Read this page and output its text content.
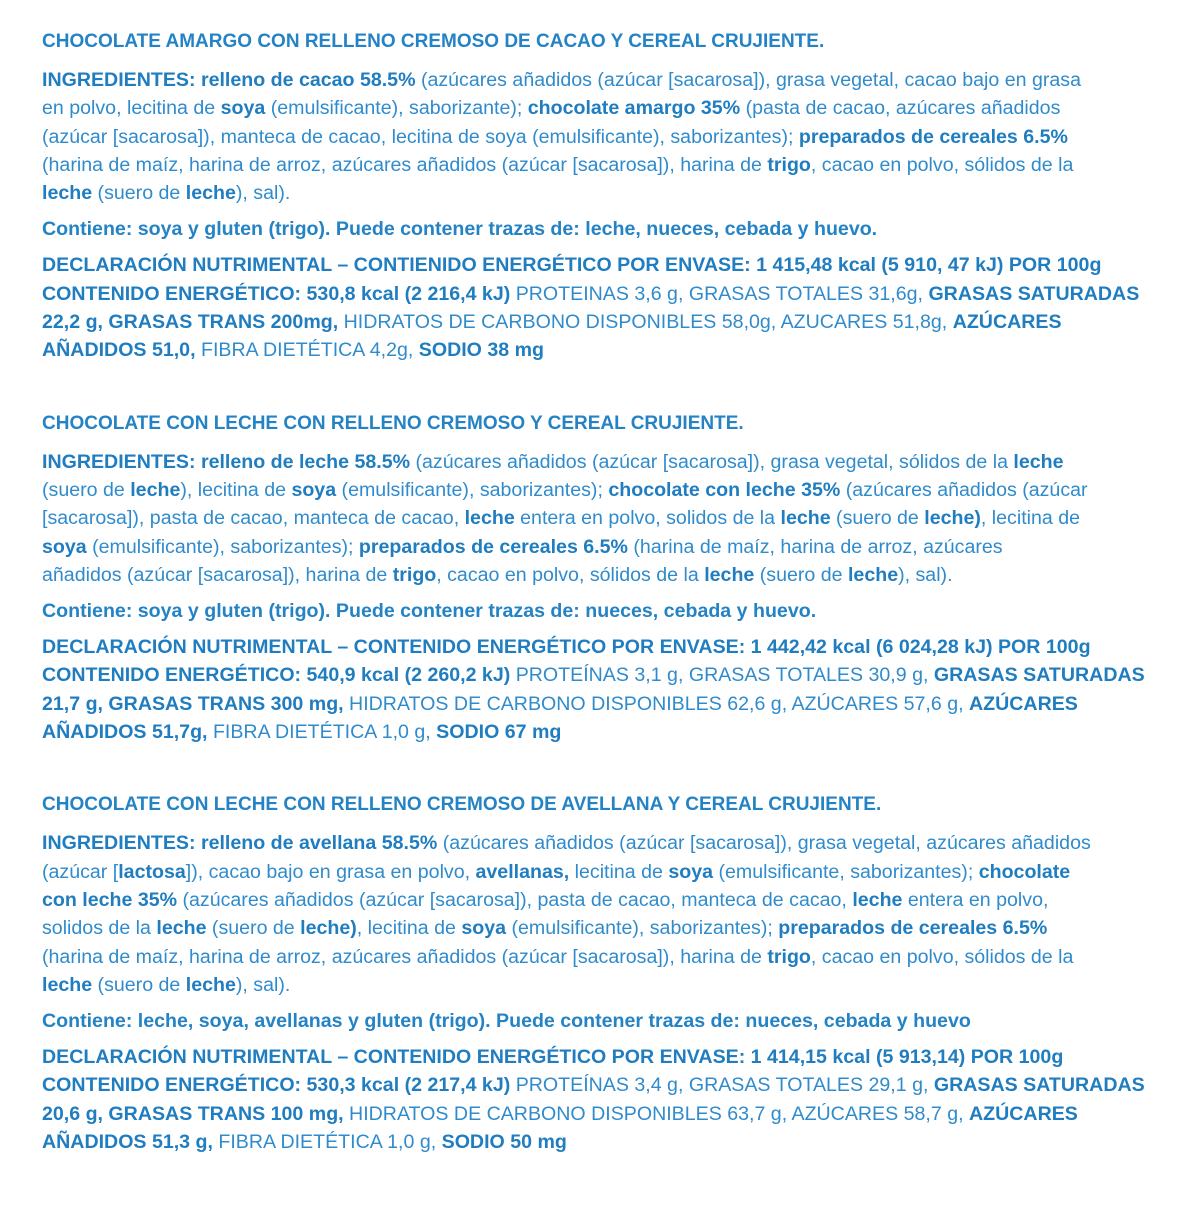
CHOCOLATE AMARGO CON RELLENO CREMOSO DE CACAO Y CEREAL CRUJIENTE.

INGREDIENTES: relleno de cacao 58.5% (azúcares añadidos (azúcar [sacarosa]), grasa vegetal, cacao bajo en grasa
en polvo, lecitina de soya (emulsificante), saborizante); chocolate amargo 35% (pasta de cacao, azúcares añadidos
(azúcar [sacarosa]), manteca de cacao, lecitina de soya (emulsificante), saborizantes); preparados de cereales 6.5%
(harina de maíz, harina de arroz, azúcares añadidos (azúcar [sacarosa]), harina de trigo, cacao en polvo, sólidos de la
leche (suero de leche), sal).

Contiene: soya y gluten (trigo). Puede contener trazas de: leche, nueces, cebada y huevo.

DECLARACIÓN NUTRIMENTAL – CONTIENIDO ENERGÉTICO POR ENVASE: 1 415,48 kcal (5 910, 47 kJ) POR 100g
CONTENIDO ENERGÉTICO: 530,8 kcal (2 216,4 kJ) PROTEINAS 3,6 g, GRASAS TOTALES 31,6g, GRASAS SATURADAS
22,2 g, GRASAS TRANS 200mg, HIDRATOS DE CARBONO DISPONIBLES 58,0g, AZUCARES 51,8g, AZÚCARES
AÑADIDOS 51,0, FIBRA DIETÉTICA 4,2g, SODIO 38 mg

CHOCOLATE CON LECHE CON RELLENO CREMOSO Y CEREAL CRUJIENTE.

INGREDIENTES: relleno de leche 58.5% (azúcares añadidos (azúcar [sacarosa]), grasa vegetal, sólidos de la leche
(suero de leche), lecitina de soya (emulsificante), saborizantes); chocolate con leche 35% (azúcares añadidos (azúcar
[sacarosa]), pasta de cacao, manteca de cacao, leche entera en polvo, solidos de la leche (suero de leche), lecitina de
soya (emulsificante), saborizantes); preparados de cereales 6.5% (harina de maíz, harina de arroz, azúcares
añadidos (azúcar [sacarosa]), harina de trigo, cacao en polvo, sólidos de la leche (suero de leche), sal).

Contiene: soya y gluten (trigo). Puede contener trazas de: nueces, cebada y huevo.

DECLARACIÓN NUTRIMENTAL – CONTENIDO ENERGÉTICO POR ENVASE: 1 442,42 kcal (6 024,28 kJ) POR 100g
CONTENIDO ENERGÉTICO: 540,9 kcal (2 260,2 kJ) PROTEÍNAS 3,1 g, GRASAS TOTALES 30,9 g, GRASAS SATURADAS
21,7 g, GRASAS TRANS 300 mg, HIDRATOS DE CARBONO DISPONIBLES 62,6 g, AZÚCARES 57,6 g, AZÚCARES
AÑADIDOS 51,7g, FIBRA DIETÉTICA 1,0 g, SODIO 67 mg

CHOCOLATE CON LECHE CON RELLENO CREMOSO DE AVELLANA Y CEREAL CRUJIENTE.

INGREDIENTES: relleno de avellana 58.5% (azúcares añadidos (azúcar [sacarosa]), grasa vegetal, azúcares añadidos
(azúcar [lactosa]), cacao bajo en grasa en polvo, avellanas, lecitina de soya (emulsificante, saborizantes); chocolate
con leche 35% (azúcares añadidos (azúcar [sacarosa]), pasta de cacao, manteca de cacao, leche entera en polvo,
solidos de la leche (suero de leche), lecitina de soya (emulsificante), saborizantes); preparados de cereales 6.5%
(harina de maíz, harina de arroz, azúcares añadidos (azúcar [sacarosa]), harina de trigo, cacao en polvo, sólidos de la
leche (suero de leche), sal).

Contiene: leche, soya, avellanas y gluten (trigo). Puede contener trazas de: nueces, cebada y huevo

DECLARACIÓN NUTRIMENTAL – CONTENIDO ENERGÉTICO POR ENVASE: 1 414,15 kcal (5 913,14) POR 100g
CONTENIDO ENERGÉTICO: 530,3 kcal (2 217,4 kJ) PROTEÍNAS 3,4 g, GRASAS TOTALES 29,1 g, GRASAS SATURADAS
20,6 g, GRASAS TRANS 100 mg, HIDRATOS DE CARBONO DISPONIBLES 63,7 g, AZÚCARES 58,7 g, AZÚCARES
AÑADIDOS 51,3 g, FIBRA DIETÉTICA 1,0 g, SODIO 50 mg
